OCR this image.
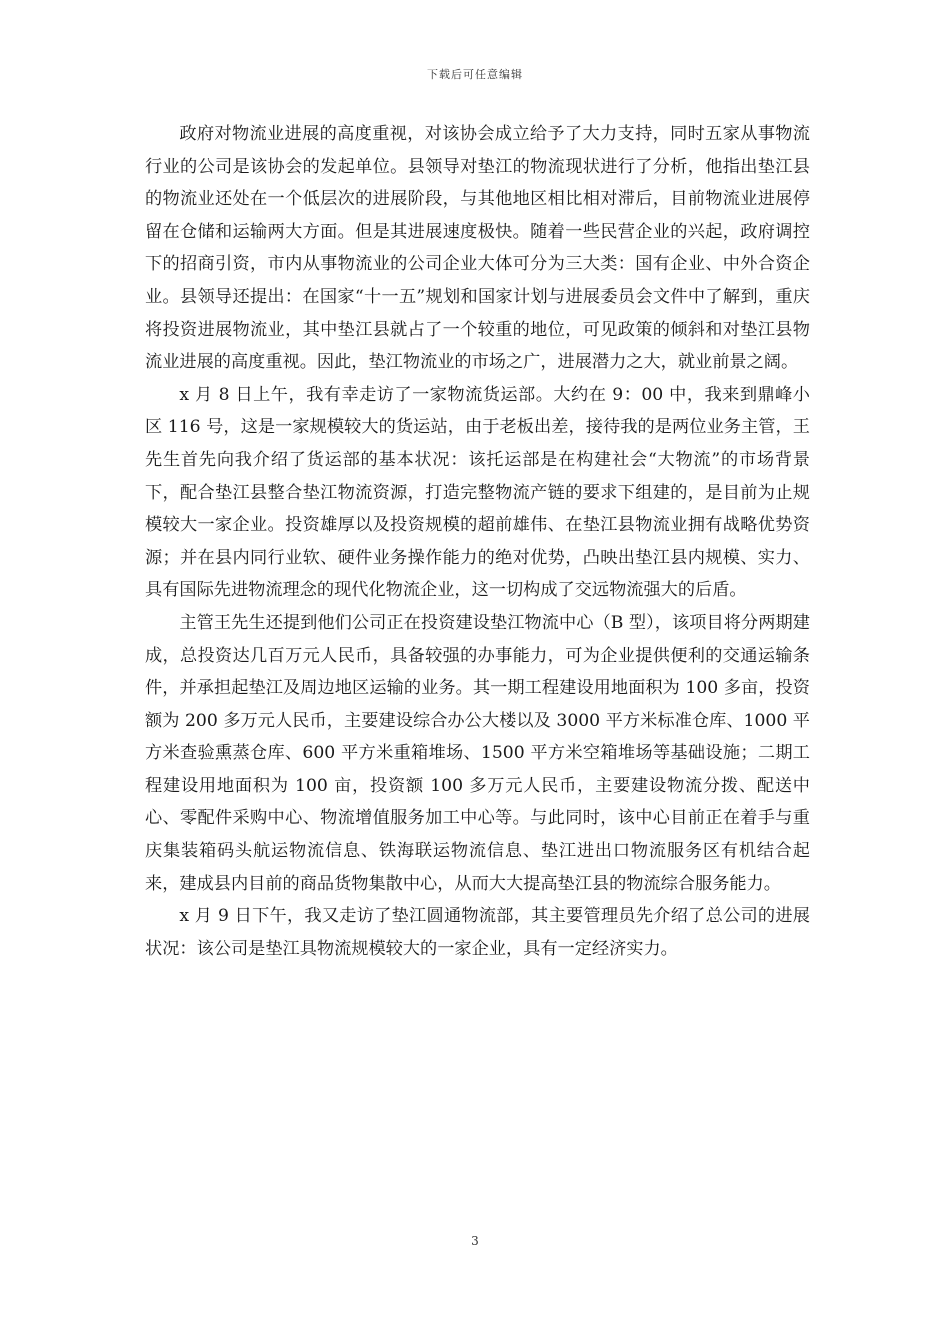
下载后可任意编辑

政府对物流业进展的高度重视，对该协会成立给予了大力支持，同时五家从事物流行业的公司是该协会的发起单位。县领导对垫江的物流现状进行了分析，他指出垫江县的物流业还处在一个低层次的进展阶段，与其他地区相比相对滞后，目前物流业进展停留在仓储和运输两大方面。但是其进展速度极快。随着一些民营企业的兴起，政府调控下的招商引资，市内从事物流业的公司企业大体可分为三大类：国有企业、中外合资企业。县领导还提出：在国家“十一五”规划和国家计划与进展委员会文件中了解到，重庆将投资进展物流业，其中垫江县就占了一个较重的地位，可见政策的倾斜和对垫江县物流业进展的高度重视。因此，垫江物流业的市场之广，进展潜力之大，就业前景之阔。

x 月 8 日上午，我有幸走访了一家物流货运部。大约在 9：00 中，我来到鼎峰小区 116 号，这是一家规模较大的货运站，由于老板出差，接待我的是两位业务主管，王先生首先向我介绍了货运部的基本状况：该托运部是在构建社会“大物流”的市场背景下，配合垫江县整合垫江物流资源，打造完整物流产链的要求下组建的，是目前为止规模较大一家企业。投资雄厚以及投资规模的超前雄伟、在垫江县物流业拥有战略优势资源；并在县内同行业软、硬件业务操作能力的绝对优势，凸映出垫江县内规模、实力、具有国际先进物流理念的现代化物流企业，这一切构成了交远物流强大的后盾。

主管王先生还提到他们公司正在投资建设垫江物流中心（B 型），该项目将分两期建成，总投资达几百万元人民币，具备较强的办事能力，可为企业提供便利的交通运输条件，并承担起垫江及周边地区运输的业务。其一期工程建设用地面积为 100 多亩，投资额为 200 多万元人民币，主要建设综合办公大楼以及 3000 平方米标准仓库、1000 平方米查验熏蒸仓库、600 平方米重箱堆场、1500 平方米空箱堆场等基础设施；二期工程建设用地面积为 100 亩，投资额 100 多万元人民币，主要建设物流分拨、配送中心、零配件采购中心、物流增值服务加工中心等。与此同时，该中心目前正在着手与重庆集装箱码头航运物流信息、铁海联运物流信息、垫江进出口物流服务区有机结合起来，建成县内目前的商品货物集散中心，从而大大提高垫江县的物流综合服务能力。

x 月 9 日下午，我又走访了垫江圆通物流部，其主要管理员先介绍了总公司的进展状况：该公司是垫江具物流规模较大的一家企业，具有一定经济实力。

3
